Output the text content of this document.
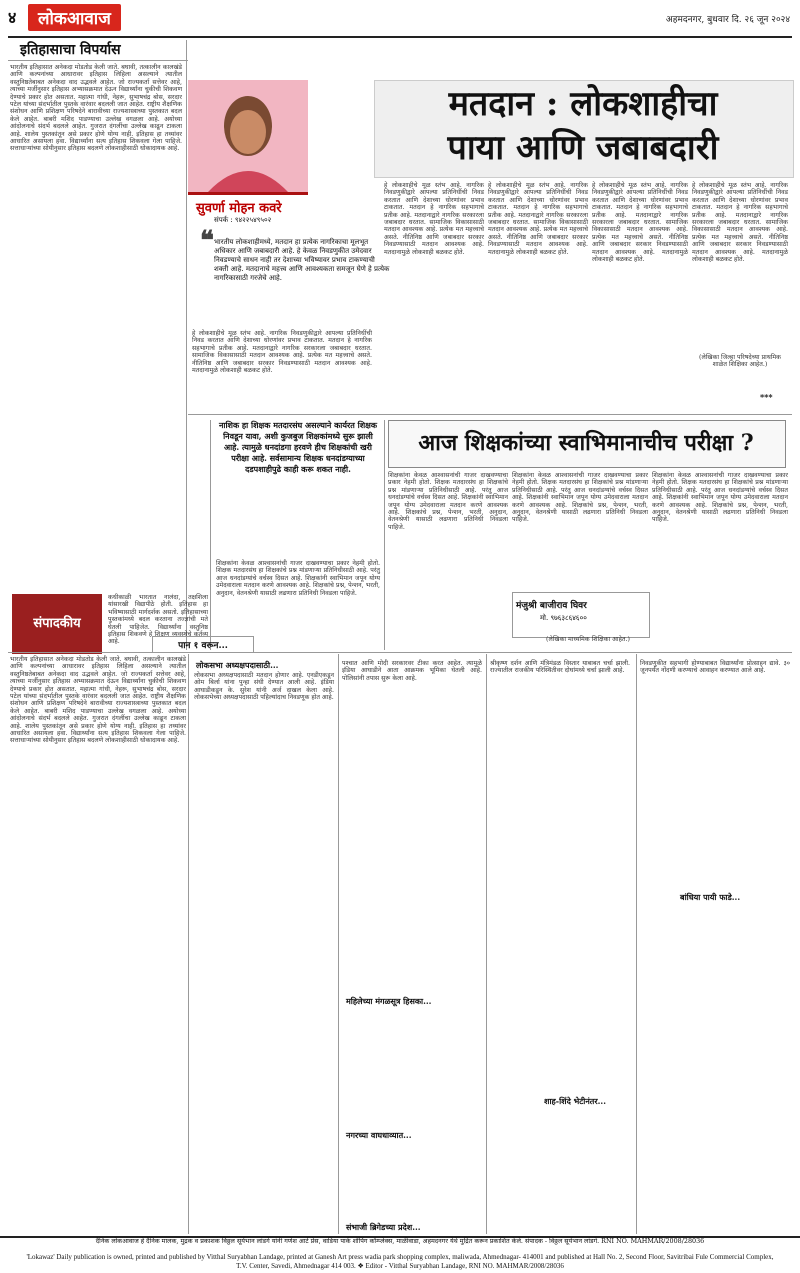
४	लोकआवाज	अहमदनगर, बुधवार दि. २६ जून २०२४
इतिहासाचा विपर्यास
भारतीय इतिहासात अनेकदा मोडतोड केली जाते. बघावी, तत्कालीन कालखंडे आणि कल्पनांच्या आधारावर इतिहास लिहिला असल्याने त्यातील वस्तुनिष्ठतेबाबत अनेकदा वाद उद्भवले आहेत. जो राज्यकर्ता सत्तेवर आहे, त्याच्या मर्जीनुसार इतिहास अभ्यासक्रमात देऊन विद्यार्थ्यांना चुकीची शिकवण देण्याचे प्रकार होत असतात. महात्मा गांधी, नेहरू, सुभाषचंद्र बोस, सरदार पटेल यांच्या संदर्भातील पुस्तके वारंवार बदलली जात आहेत. राष्ट्रीय शैक्षणिक संशोधन आणि प्रशिक्षण परिषदेने बारावीच्या राज्यशास्त्राच्या पुस्तकात बदल केले आहेत. बाबरी मशिद पाडण्याचा उल्लेख वगळला आहे. अयोध्या आंदोलनाचे संदर्भ बदलले आहेत. गुजरात दंगलींचा उल्लेख काढून टाकला आहे. शालेय पुस्तकांतून असे प्रकार होणे योग्य नाही. इतिहास हा तथ्यांवर आधारित असायला हवा. विद्यार्थ्यांना सत्य इतिहास शिकवला गेला पाहिजे. सत्ताधाऱ्यांच्या सोयीनुसार इतिहास बदलणे लोकशाहीसाठी धोकादायक आहे.
सुवर्णा मोहन कवरे
संपर्क : ९४२२५४९५०२
❝ भारतीय लोकशाहीमध्ये, मतदान हा प्रत्येक नागरिकाचा मूलभूत अधिकार आणि जबाबदारी आहे. हे केवळ निवडणुकीत उमेदवार निवडण्याचे साधन नाही तर देशाच्या भविष्यावर प्रभाव टाकण्याची शक्ती आहे. मतदानाचे महत्त्व आणि आवश्यकता समजून घेणे हे प्रत्येक नागरिकासाठी गरजेचे आहे.
मतदान : लोकशाहीचा
पाया आणि जबाबदारी
हे लोकशाहीचे मूळ स्तंभ आहे. नागरिक निवडणुकीद्वारे आपल्या प्रतिनिधींची निवड करतात आणि देशाच्या धोरणांवर प्रभाव टाकतात. मतदान हे नागरिक सहभागाचे प्रतीक आहे. मतदानाद्वारे नागरिक सरकारला जबाबदार धरतात. सामाजिक विकासासाठी मतदान आवश्यक आहे. प्रत्येक मत महत्त्वाचे असते. नीतिनिष्ठ आणि जबाबदार सरकार निवडण्यासाठी मतदान आवश्यक आहे. मतदानामुळे लोकशाही बळकट होते.
हे लोकशाहीचे मूळ स्तंभ आहे. नागरिक निवडणुकीद्वारे आपल्या प्रतिनिधींची निवड करतात आणि देशाच्या धोरणांवर प्रभाव टाकतात. मतदान हे नागरिक सहभागाचे प्रतीक आहे. मतदानाद्वारे नागरिक सरकारला जबाबदार धरतात. सामाजिक विकासासाठी मतदान आवश्यक आहे. प्रत्येक मत महत्त्वाचे असते. नीतिनिष्ठ आणि जबाबदार सरकार निवडण्यासाठी मतदान आवश्यक आहे. मतदानामुळे लोकशाही बळकट होते.
हे लोकशाहीचे मूळ स्तंभ आहे. नागरिक निवडणुकीद्वारे आपल्या प्रतिनिधींची निवड करतात आणि देशाच्या धोरणांवर प्रभाव टाकतात. मतदान हे नागरिक सहभागाचे प्रतीक आहे. मतदानाद्वारे नागरिक सरकारला जबाबदार धरतात. सामाजिक विकासासाठी मतदान आवश्यक आहे. प्रत्येक मत महत्त्वाचे असते. नीतिनिष्ठ आणि जबाबदार सरकार निवडण्यासाठी मतदान आवश्यक आहे. मतदानामुळे लोकशाही बळकट होते.
हे लोकशाहीचे मूळ स्तंभ आहे. नागरिक निवडणुकीद्वारे आपल्या प्रतिनिधींची निवड करतात आणि देशाच्या धोरणांवर प्रभाव टाकतात. मतदान हे नागरिक सहभागाचे प्रतीक आहे. मतदानाद्वारे नागरिक सरकारला जबाबदार धरतात. सामाजिक विकासासाठी मतदान आवश्यक आहे. प्रत्येक मत महत्त्वाचे असते. नीतिनिष्ठ आणि जबाबदार सरकार निवडण्यासाठी मतदान आवश्यक आहे. मतदानामुळे लोकशाही बळकट होते.
(लेखिका जिल्हा परिषदेच्या प्राथमिक शाळेत शिक्षिका आहेत.)
***
हे लोकशाहीचे मूळ स्तंभ आहे. नागरिक निवडणुकीद्वारे आपल्या प्रतिनिधींची निवड करतात आणि देशाच्या धोरणांवर प्रभाव टाकतात. मतदान हे नागरिक सहभागाचे प्रतीक आहे. मतदानाद्वारे नागरिक सरकारला जबाबदार धरतात. सामाजिक विकासासाठी मतदान आवश्यक आहे. प्रत्येक मत महत्त्वाचे असते. नीतिनिष्ठ आणि जबाबदार सरकार निवडण्यासाठी मतदान आवश्यक आहे. मतदानामुळे लोकशाही बळकट होते.
नाशिक हा शिक्षक मतदारसंघ असल्याने कार्यरत शिक्षक निवडून यावा, अशी कुजबुज शिक्षकांमध्ये सुरू झाली आहे. त्यामुळे धनदांडगा हरवणे हीच शिक्षकांची खरी परीक्षा आहे. सर्वसामान्य शिक्षक धनदांडग्याच्या दडपशाहीपुढे काही करू शकत नाही.
शिक्षकांना केवळ आश्वासनांची गाजर दाखवण्याचा प्रकार नेहमी होतो. शिक्षक मतदारसंघ हा शिक्षकांचे प्रश्न मांडणाऱ्या प्रतिनिधीसाठी आहे. परंतु आज धनदांडग्यांचे वर्चस्व दिसत आहे. शिक्षकांनी स्वाभिमान जपून योग्य उमेदवाराला मतदान करणे आवश्यक आहे. शिक्षकांचे प्रश्न, पेन्शन, भरती, अनुदान, वेतनश्रेणी यासाठी लढणारा प्रतिनिधी निवडला पाहिजे.
आज शिक्षकांच्या स्वाभिमानाचीच परीक्षा ?
शिक्षकांना केवळ आश्वासनांची गाजर दाखवण्याचा प्रकार नेहमी होतो. शिक्षक मतदारसंघ हा शिक्षकांचे प्रश्न मांडणाऱ्या प्रतिनिधीसाठी आहे. परंतु आज धनदांडग्यांचे वर्चस्व दिसत आहे. शिक्षकांनी स्वाभिमान जपून योग्य उमेदवाराला मतदान करणे आवश्यक आहे. शिक्षकांचे प्रश्न, पेन्शन, भरती, अनुदान, वेतनश्रेणी यासाठी लढणारा प्रतिनिधी निवडला पाहिजे.
शिक्षकांना केवळ आश्वासनांची गाजर दाखवण्याचा प्रकार नेहमी होतो. शिक्षक मतदारसंघ हा शिक्षकांचे प्रश्न मांडणाऱ्या प्रतिनिधीसाठी आहे. परंतु आज धनदांडग्यांचे वर्चस्व दिसत आहे. शिक्षकांनी स्वाभिमान जपून योग्य उमेदवाराला मतदान करणे आवश्यक आहे. शिक्षकांचे प्रश्न, पेन्शन, भरती, अनुदान, वेतनश्रेणी यासाठी लढणारा प्रतिनिधी निवडला पाहिजे.
शिक्षकांना केवळ आश्वासनांची गाजर दाखवण्याचा प्रकार नेहमी होतो. शिक्षक मतदारसंघ हा शिक्षकांचे प्रश्न मांडणाऱ्या प्रतिनिधीसाठी आहे. परंतु आज धनदांडग्यांचे वर्चस्व दिसत आहे. शिक्षकांनी स्वाभिमान जपून योग्य उमेदवाराला मतदान करणे आवश्यक आहे. शिक्षकांचे प्रश्न, पेन्शन, भरती, अनुदान, वेतनश्रेणी यासाठी लढणारा प्रतिनिधी निवडला पाहिजे.
मंजुश्री बाजीराव घिवर
मो. ९७६३८६४६००
(लेखिका माध्यमिक शिक्षिका आहेत.)
संपादकीय
कधीकाळी भारतात नालंदा, तक्षशिला यांसारखी विद्यापीठे होती. इतिहास हा भविष्यासाठी मार्गदर्शक असतो. इतिहासाच्या पुस्तकांमध्ये बदल करताना तज्ज्ञांची मते घेतली पाहिजेत. विद्यार्थ्यांना वस्तुनिष्ठ इतिहास शिकवणे हे शिक्षण व्यवस्थेचे कर्तव्य आहे.
भारतीय इतिहासात अनेकदा मोडतोड केली जाते. बघावी, तत्कालीन कालखंडे आणि कल्पनांच्या आधारावर इतिहास लिहिला असल्याने त्यातील वस्तुनिष्ठतेबाबत अनेकदा वाद उद्भवले आहेत. जो राज्यकर्ता सत्तेवर आहे, त्याच्या मर्जीनुसार इतिहास अभ्यासक्रमात देऊन विद्यार्थ्यांना चुकीची शिकवण देण्याचे प्रकार होत असतात. महात्मा गांधी, नेहरू, सुभाषचंद्र बोस, सरदार पटेल यांच्या संदर्भातील पुस्तके वारंवार बदलली जात आहेत. राष्ट्रीय शैक्षणिक संशोधन आणि प्रशिक्षण परिषदेने बारावीच्या राज्यशास्त्राच्या पुस्तकात बदल केले आहेत. बाबरी मशिद पाडण्याचा उल्लेख वगळला आहे. अयोध्या आंदोलनाचे संदर्भ बदलले आहेत. गुजरात दंगलींचा उल्लेख काढून टाकला आहे. शालेय पुस्तकांतून असे प्रकार होणे योग्य नाही. इतिहास हा तथ्यांवर आधारित असायला हवा. विद्यार्थ्यांना सत्य इतिहास शिकवला गेला पाहिजे. सत्ताधाऱ्यांच्या सोयीनुसार इतिहास बदलणे लोकशाहीसाठी धोकादायक आहे.
पान १ वरून...
लोकसभा अध्यक्षपदासाठी...
लोकसभा अध्यक्षपदासाठी मतदान होणार आहे. एनडीएकडून ओम बिर्ला यांना पुन्हा संधी देण्यात आली आहे. इंडिया आघाडीकडून के. सुरेश यांनी अर्ज दाखल केला आहे. लोकसभेच्या अध्यक्षपदासाठी पहिल्यांदाच निवडणूक होत आहे.
पश्चात आणि मोदी सरकारवर टीका करत आहेत. त्यामुळे इंडिया आघाडीने आता आक्रमक भूमिका घेतली आहे. पोलिसांनी तपास सुरू केला आहे.
महिलेच्या मंगळसूत्र हिसका...
नगरच्या वाघधाव्यात...
संभाजी ब्रिगेडच्या प्रदेश...
श्रीकृष्ण दर्शन आणि मंत्रिमंडळ विस्तार याबाबत चर्चा झाली. राज्यातील राजकीय परिस्थितीवर दोघांमध्ये चर्चा झाली आहे.
शाह-शिंदे भेटीनंतर...
निवडणुकीत सहभागी होण्याबाबत विद्यार्थ्यांना प्रोत्साहन द्यावे. ३० जूनपर्यंत नोंदणी करण्याचे आवाहन करण्यात आले आहे.
बांधिया पायी फाडे...
दैनिक लोकआवाज हे दैनिक मालक, मुद्रक व प्रकाशक विठ्ठल सूर्यभान लांडगे यांनी गणेश आर्ट प्रेस, वाडिया पार्क शॉपिंग कॉम्प्लेक्स, माळीवाडा, अहमदनगर येथे मुद्रित करून प्रकाशित केले. संपादक - विठ्ठल सूर्यभान लांडगे. RNI NO. MAHMAR/2008/28036
'Lokawaz' Daily publication is owned, printed and published by Vitthal Suryabhan Landage, printed at Ganesh Art press wadia park shopping complex, maliwada, Ahmednagar- 414001 and published at Hall No. 2, Second Floor, Savitribai Fule Commercial Complex, T.V. Center, Savedi, Ahmednagar 414 003. ❖ Editor - Vitthal Suryabhan Landage, RNI NO. MAHMAR/2008/28036
